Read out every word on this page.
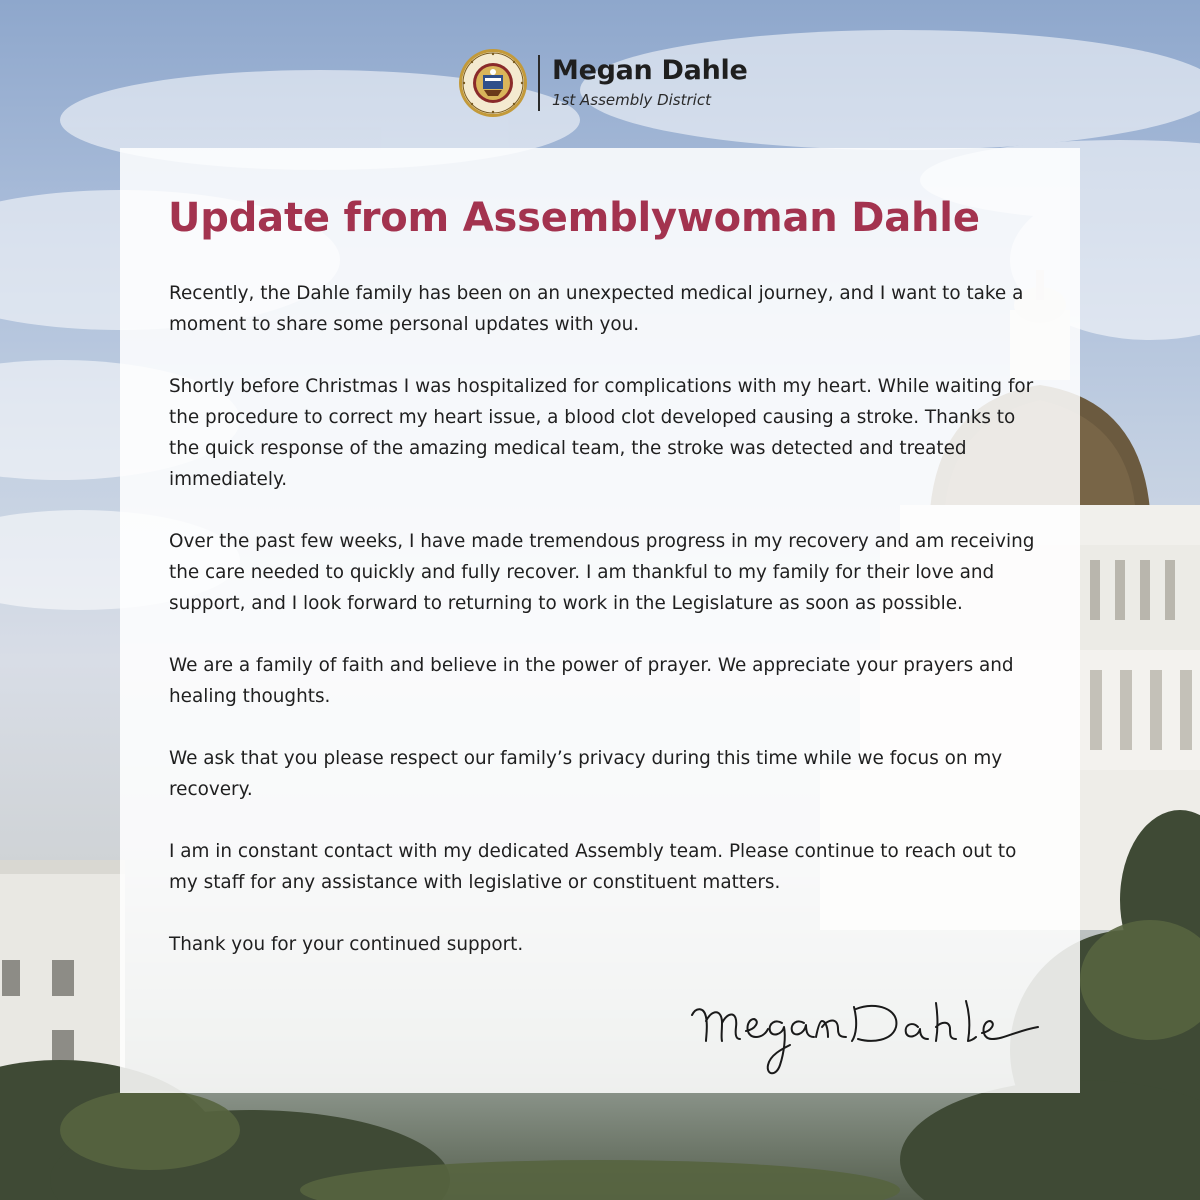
Megan Dahle
1st Assembly District
Update from Assemblywoman Dahle

Recently, the Dahle family has been on an unexpected medical journey, and I want to take a moment to share some personal updates with you.

Shortly before Christmas I was hospitalized for complications with my heart. While waiting for the procedure to correct my heart issue, a blood clot developed causing a stroke. Thanks to the quick response of the amazing medical team, the stroke was detected and treated immediately.

Over the past few weeks, I have made tremendous progress in my recovery and am receiving the care needed to quickly and fully recover. I am thankful to my family for their love and support, and I look forward to returning to work in the Legislature as soon as possible.

We are a family of faith and believe in the power of prayer. We appreciate your prayers and healing thoughts.

We ask that you please respect our family’s privacy during this time while we focus on my recovery.

I am in constant contact with my dedicated Assembly team. Please continue to reach out to my staff for any assistance with legislative or constituent matters.

Thank you for your continued support.
